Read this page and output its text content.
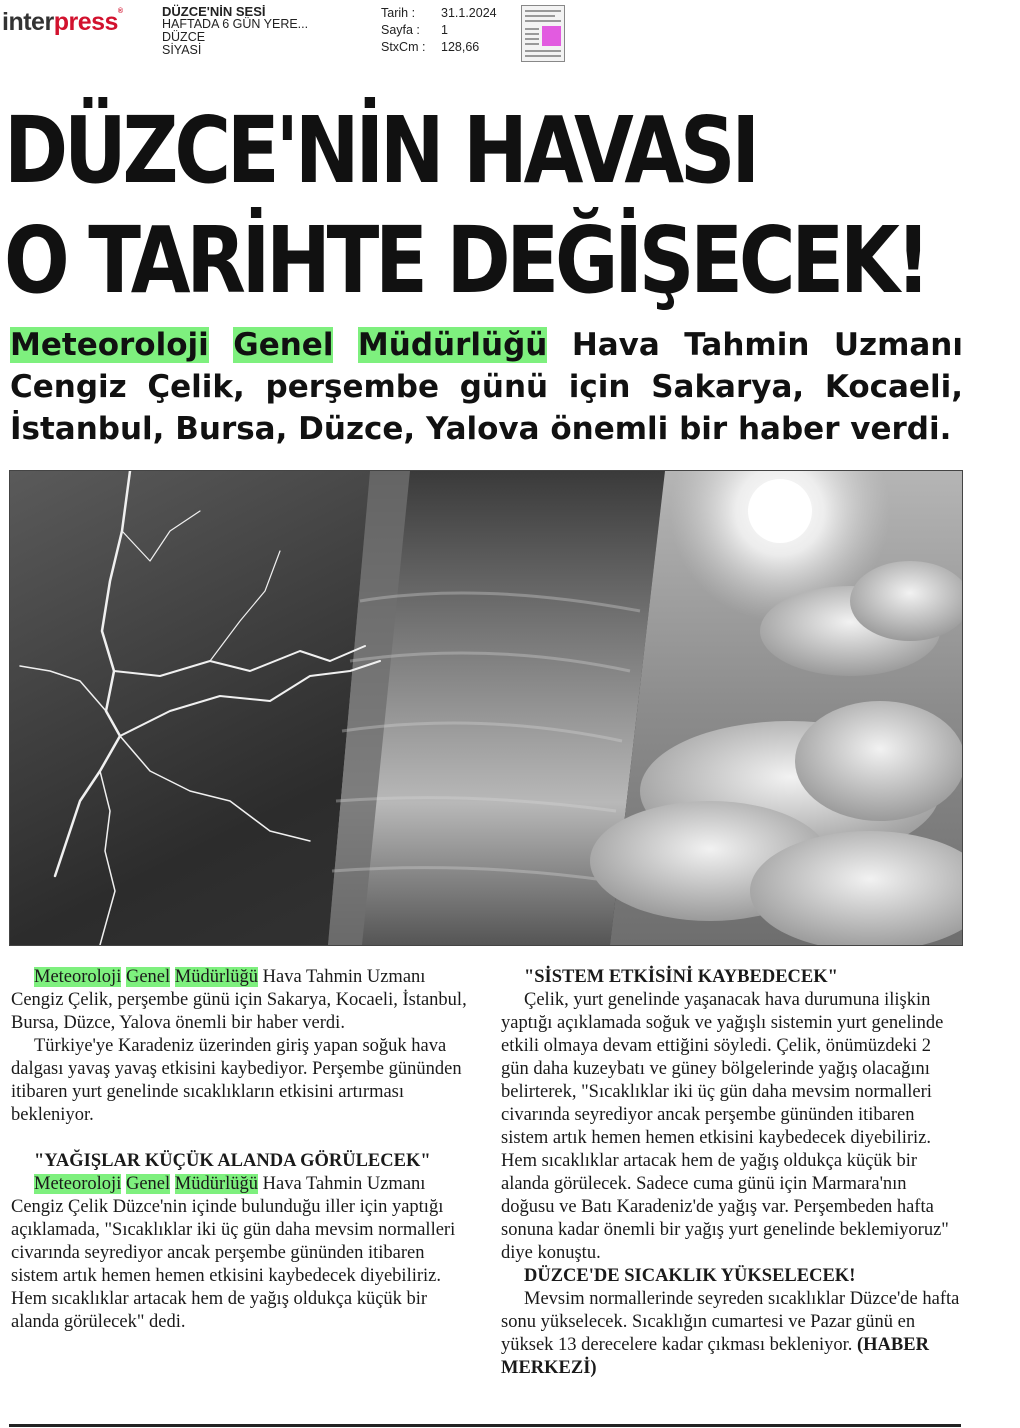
interpress®	DÜZCE'NİN SESİ
HAFTADA 6 GÜN YERE...
DÜZCE
SİYASİ
Tarih :	31.1.2024
Sayfa :	1
StxCm :	128,66
DÜZCE'NİN HAVASI
O TARİHTE DEĞİŞECEK!
Meteoroloji Genel Müdürlüğü Hava Tahmin Uzmanı Cengiz Çelik, perşembe günü için Sakarya, Kocaeli, İstanbul, Bursa, Düzce, Yalova önemli bir haber verdi.

Meteoroloji Genel Müdürlüğü Hava Tahmin Uzmanı Cengiz Çelik, perşembe günü için Sakarya, Kocaeli, İstanbul, Bursa, Düzce, Yalova önemli bir haber verdi.

Türkiye'ye Karadeniz üzerinden giriş yapan soğuk hava dalgası yavaş yavaş etkisini kaybediyor. Perşembe gününden itibaren yurt genelinde sıcaklıkların etkisini artırması bekleniyor.

"YAĞIŞLAR KÜÇÜK ALANDA GÖRÜLECEK"

Meteoroloji Genel Müdürlüğü Hava Tahmin Uzmanı Cengiz Çelik Düzce'nin içinde bulunduğu iller için yaptığı açıklamada, "Sıcaklıklar iki üç gün daha mevsim normalleri civarında seyrediyor ancak perşembe gününden itibaren sistem artık hemen hemen etkisini kaybedecek diyebiliriz. Hem sıcaklıklar artacak hem de yağış oldukça küçük bir alanda görülecek" dedi.

"SİSTEM ETKİSİNİ KAYBEDECEK"

Çelik, yurt genelinde yaşanacak hava durumuna ilişkin yaptığı açıklamada soğuk ve yağışlı sistemin yurt genelinde etkili olmaya devam ettiğini söyledi. Çelik, önümüzdeki 2 gün daha kuzeybatı ve güney bölgelerinde yağış olacağını belirterek, "Sıcaklıklar iki üç gün daha mevsim normalleri civarında seyrediyor ancak perşembe gününden itibaren sistem artık hemen hemen etkisini kaybedecek diyebiliriz. Hem sıcaklıklar artacak hem de yağış oldukça küçük bir alanda görülecek. Sadece cuma günü için Marmara'nın doğusu ve Batı Karadeniz'de yağış var. Perşembeden hafta sonuna kadar önemli bir yağış yurt genelinde beklemiyoruz" diye konuştu.

DÜZCE'DE SICAKLIK YÜKSELECEK!

Mevsim normallerinde seyreden sıcaklıklar Düzce'de hafta sonu yükselecek. Sıcaklığın cumartesi ve Pazar günü en yüksek 13 derecelere kadar çıkması bekleniyor. (HABER MERKEZİ)
